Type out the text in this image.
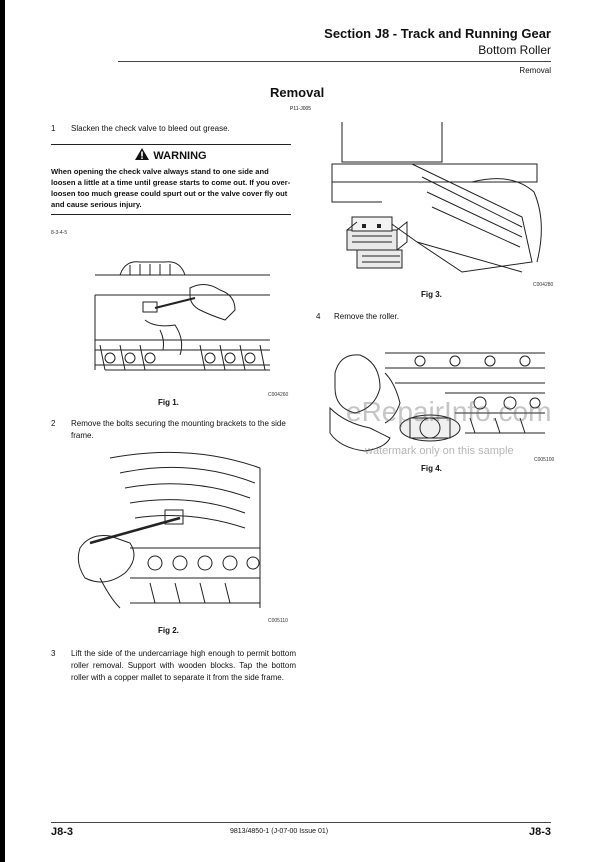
Section J8 - Track and Running Gear
Bottom Roller
Removal
Removal
P11-J005
1 Slacken the check valve to bleed out grease.
WARNING
When opening the check valve always stand to one side and loosen a little at a time until grease starts to come out. If you over-loosen too much grease could spurt out or the valve cover fly out and cause serious injury.
8-3-4-5
C004260
Fig 1.
2	Remove the bolts securing the mounting brackets to the side frame.
C005110
Fig 2.
3	Lift the side of the undercarriage high enough to permit bottom roller removal. Support with wooden blocks. Tap the bottom roller with a copper mallet to separate it from the side frame.
C004280
Fig 3.
4 Remove the roller.
C005100
Fig 4.
eRepairInfo.com
watermark only on this sample
J8-3	9813/4850-1 (J-07-00 Issue 01)	J8-3
